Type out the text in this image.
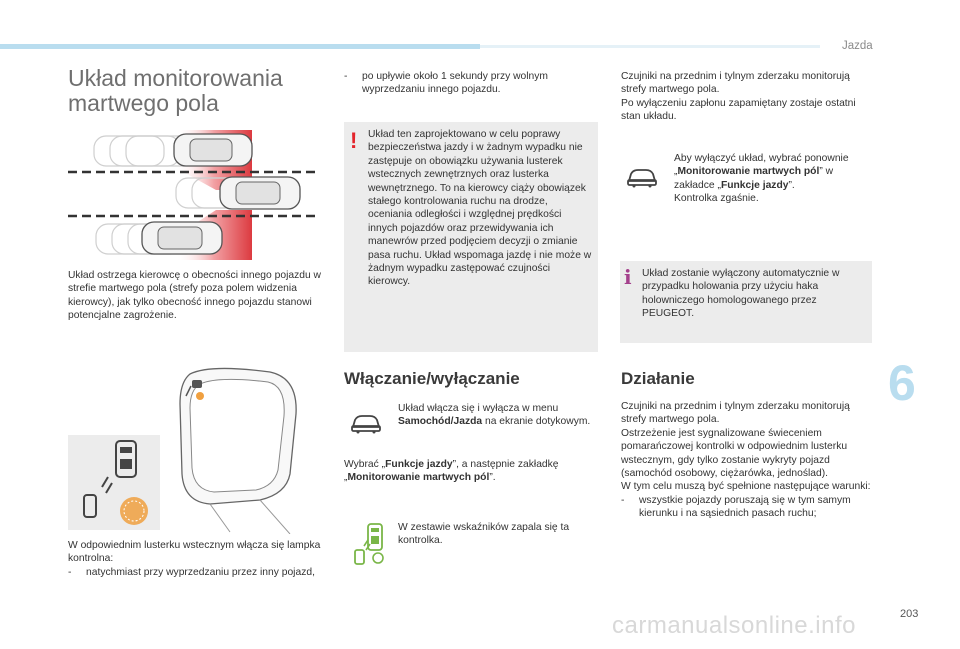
Jazda
Układ monitorowania martwego pola
Układ ostrzega kierowcę o obecności innego pojazdu w strefie martwego pola (strefy poza polem widzenia kierowcy), jak tylko obecność innego pojazdu stanowi potencjalne zagrożenie.
W odpowiednim lusterku wstecznym włącza się lampka kontrolna:
- natychmiast przy wyprzedzaniu przez inny pojazd,
- po upływie około 1 sekundy przy wolnym wyprzedzaniu innego pojazdu.
! Układ ten zaprojektowano w celu poprawy bezpieczeństwa jazdy i w żadnym wypadku nie zastępuje on obowiązku używania lusterek wstecznych zewnętrznych oraz lusterka wewnętrznego. To na kierowcy ciąży obowiązek stałego kontrolowania ruchu na drodze, oceniania odległości i względnej prędkości innych pojazdów oraz przewidywania ich manewrów przed podjęciem decyzji o zmianie pasa ruchu. Układ wspomaga jazdę i nie może w żadnym wypadku zastępować czujności kierowcy.
Włączanie/wyłączanie
Układ włącza się i wyłącza w menu Samochód/Jazda na ekranie dotykowym.
Wybrać „Funkcje jazdy”, a następnie zakładkę „Monitorowanie martwych pól”.
W zestawie wskaźników zapala się ta kontrolka.
Czujniki na przednim i tylnym zderzaku monitorują strefy martwego pola.
Po wyłączeniu zapłonu zapamiętany zostaje ostatni stan układu.
Aby wyłączyć układ, wybrać ponownie „Monitorowanie martwych pól” w zakładce „Funkcje jazdy”.
Kontrolka zgaśnie.
i Układ zostanie wyłączony automatycznie w przypadku holowania przy użyciu haka holowniczego homologowanego przez PEUGEOT.
Działanie
Czujniki na przednim i tylnym zderzaku monitorują strefy martwego pola.
Ostrzeżenie jest sygnalizowane świeceniem pomarańczowej kontrolki w odpowiednim lusterku wstecznym, gdy tylko zostanie wykryty pojazd (samochód osobowy, ciężarówka, jednoślad).
W tym celu muszą być spełnione następujące warunki:
- wszystkie pojazdy poruszają się w tym samym kierunku i na sąsiednich pasach ruchu;
6
carmanualsonline.info	203
